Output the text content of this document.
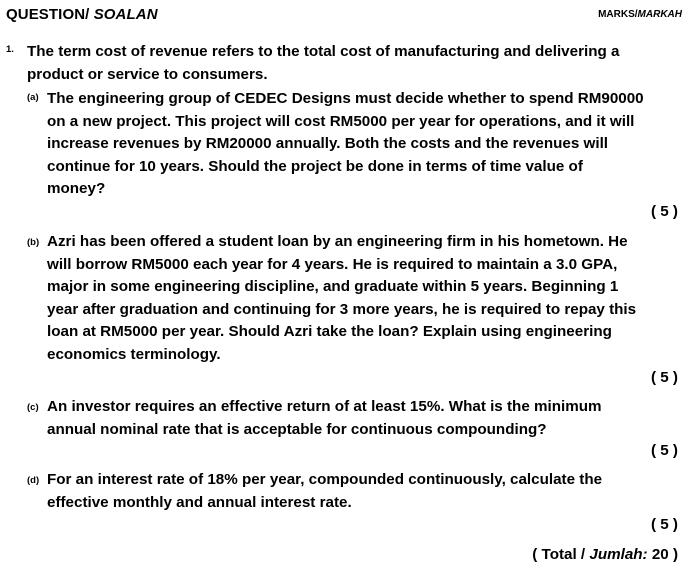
QUESTION/ SOALAN	MARKS/MARKAH
1. The term cost of revenue refers to the total cost of manufacturing and delivering a
product or service to consumers.
(a) The engineering group of CEDEC Designs must decide whether to spend RM90000
on a new project. This project will cost RM5000 per year for operations, and it will
increase revenues by RM20000 annually. Both the costs and the revenues will
continue for 10 years. Should the project be done in terms of time value of
money?
( 5 )
(b) Azri has been offered a student loan by an engineering firm in his hometown. He
will borrow RM5000 each year for 4 years. He is required to maintain a 3.0 GPA,
major in some engineering discipline, and graduate within 5 years. Beginning 1
year after graduation and continuing for 3 more years, he is required to repay this
loan at RM5000 per year. Should Azri take the loan? Explain using engineering
economics terminology.
( 5 )
(c) An investor requires an effective return of at least 15%. What is the minimum
annual nominal rate that is acceptable for continuous compounding?
( 5 )
(d) For an interest rate of 18% per year, compounded continuously, calculate the
effective monthly and annual interest rate.
( 5 )
( Total / Jumlah: 20 )
